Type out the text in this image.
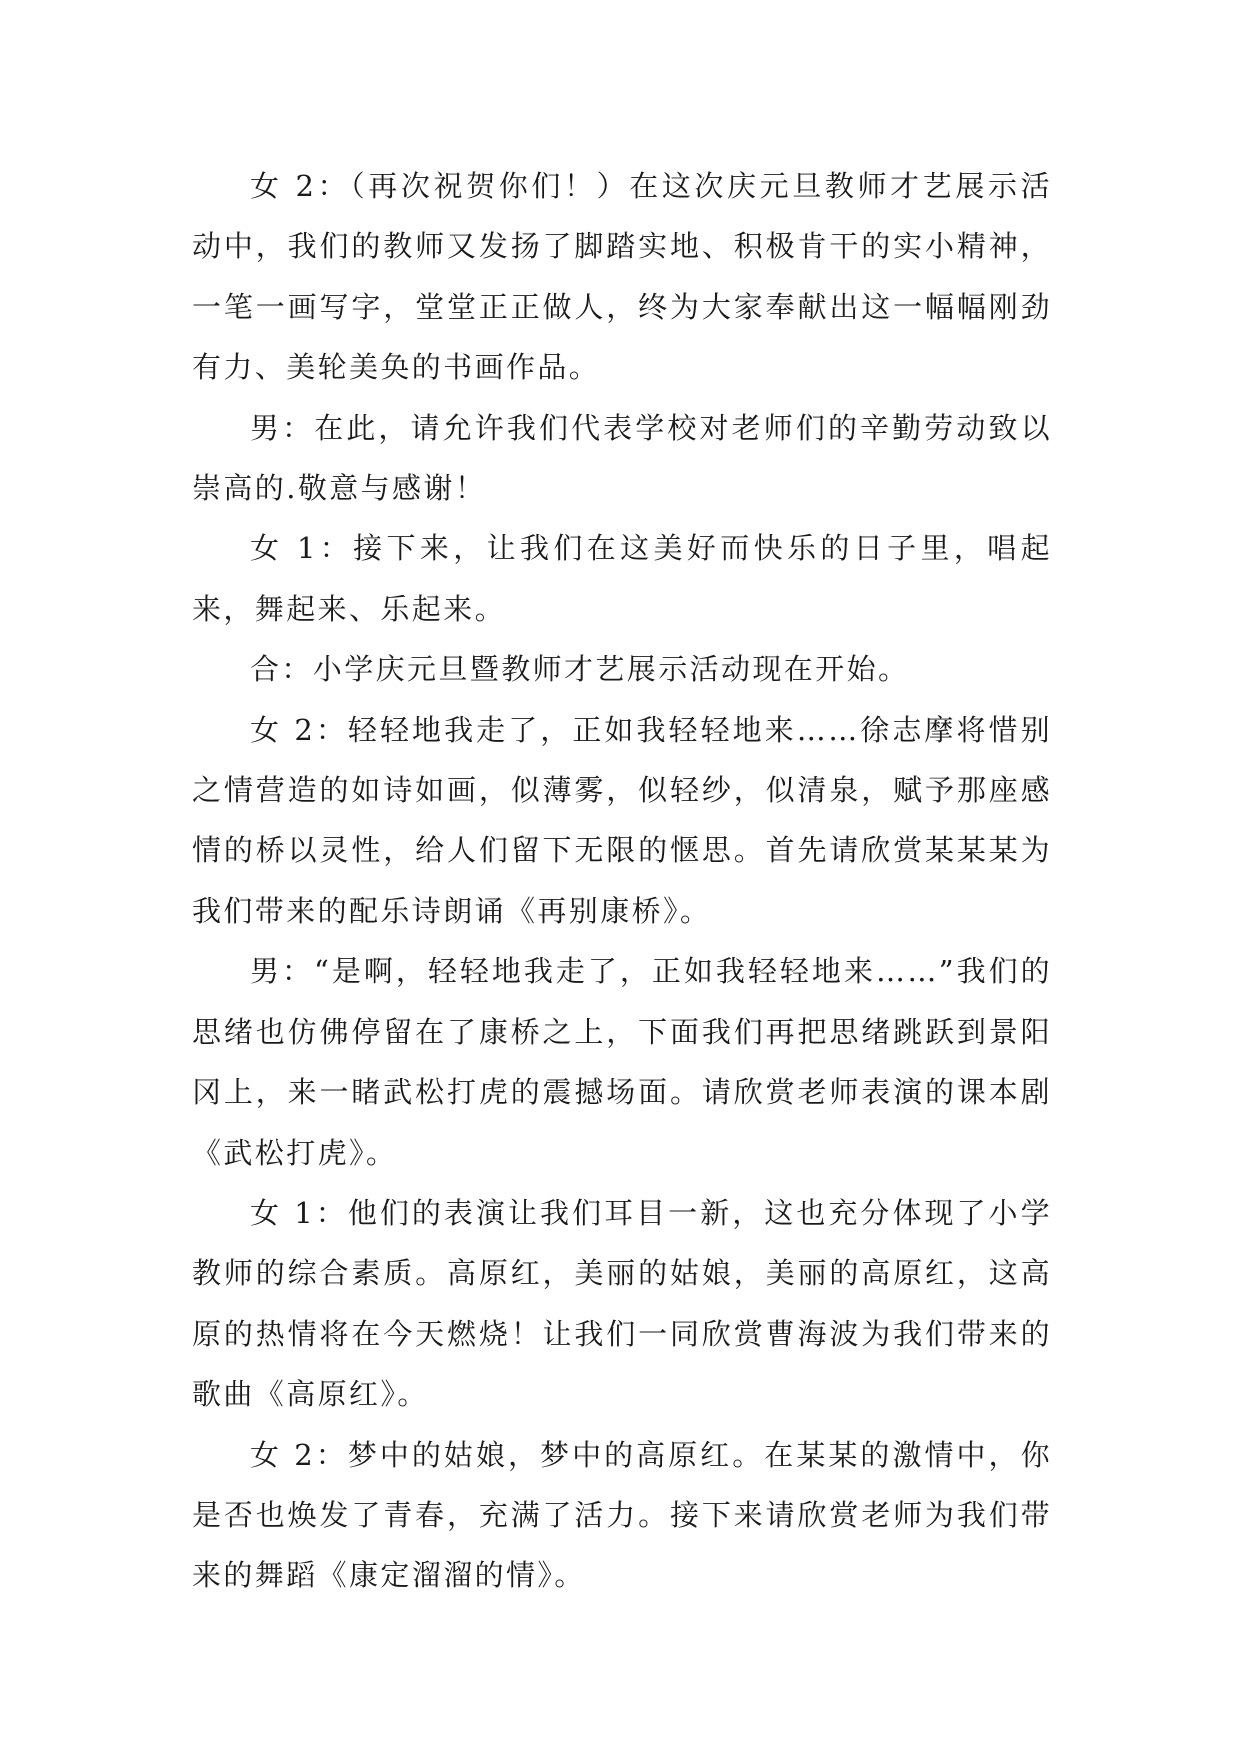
女 2：（再次祝贺你们！）在这次庆元旦教师才艺展示活动中，我们的教师又发扬了脚踏实地、积极肯干的实小精神，一笔一画写字，堂堂正正做人，终为大家奉献出这一幅幅刚劲有力、美轮美奂的书画作品。

男：在此，请允许我们代表学校对老师们的辛勤劳动致以崇高的.敬意与感谢！

女 1：接下来，让我们在这美好而快乐的日子里，唱起来，舞起来、乐起来。

合：小学庆元旦暨教师才艺展示活动现在开始。

女 2：轻轻地我走了，正如我轻轻地来……徐志摩将惜别之情营造的如诗如画，似薄雾，似轻纱，似清泉，赋予那座感情的桥以灵性，给人们留下无限的惬思。首先请欣赏某某某为我们带来的配乐诗朗诵《再别康桥》。

男：“是啊，轻轻地我走了，正如我轻轻地来……”我们的思绪也仿佛停留在了康桥之上，下面我们再把思绪跳跃到景阳冈上，来一睹武松打虎的震撼场面。请欣赏老师表演的课本剧《武松打虎》。

女 1：他们的表演让我们耳目一新，这也充分体现了小学教师的综合素质。高原红，美丽的姑娘，美丽的高原红，这高原的热情将在今天燃烧！让我们一同欣赏曹海波为我们带来的歌曲《高原红》。

女 2：梦中的姑娘，梦中的高原红。在某某的激情中，你是否也焕发了青春，充满了活力。接下来请欣赏老师为我们带来的舞蹈《康定溜溜的情》。
